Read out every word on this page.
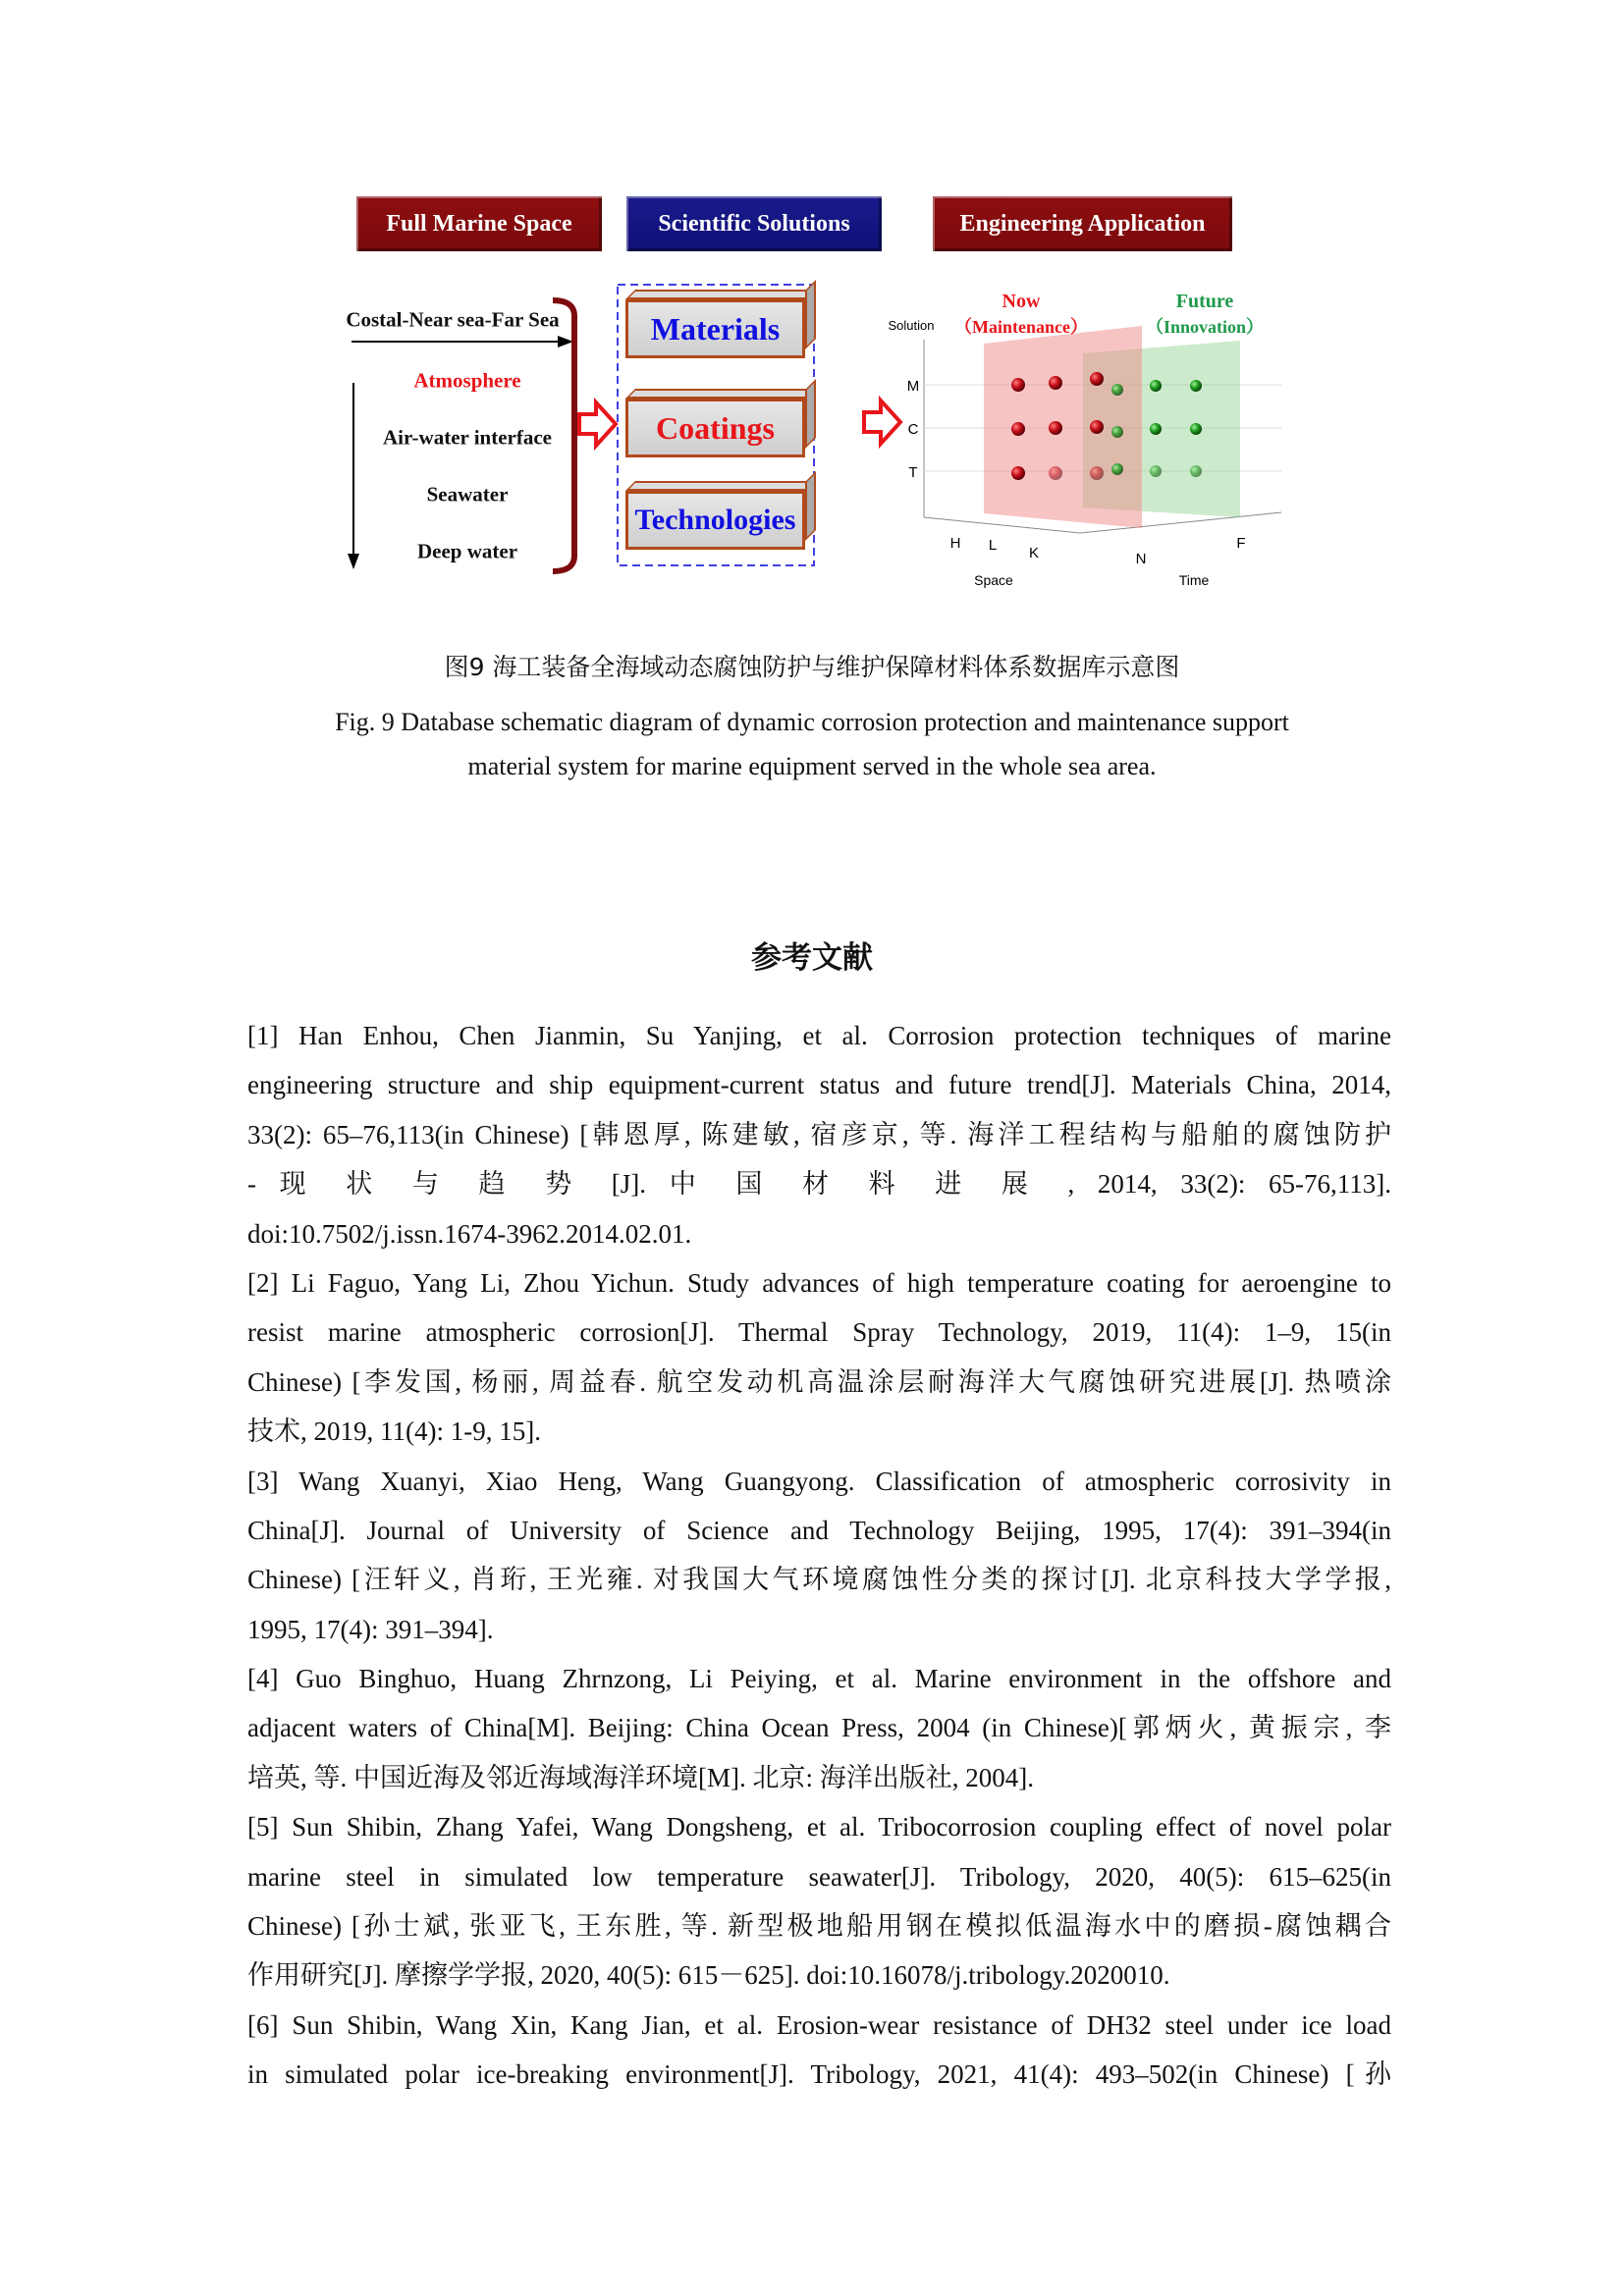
Full Marine Space	Scientific Solutions	Engineering Application
Costal-Near sea-Far Sea
Atmosphere
Air-water interface
Seawater
Deep water
Now
（Maintenance）
Future
（Innovation）
Solution
M
C
T
H L K	N
F
Space	Time
Materials
Coatings
Technologies
图9 海工装备全海域动态腐蚀防护与维护保障材料体系数据库示意图
Fig. 9 Database schematic diagram of dynamic corrosion protection and maintenance support
material system for marine equipment served in the whole sea area.
参考文献
[1] Han Enhou, Chen Jianmin, Su Yanjing, et al. Corrosion protection techniques of marine
engineering structure and ship equipment-current status and future trend[J]. Materials China, 2014,
33(2): 65–76,113(in Chinese) [韩恩厚, 陈建敏, 宿彦京, 等. 海洋工程结构与船舶的腐蚀防护
- 现 状 与 趋 势 [J]. 中 国 材 料 进 展 , 2014, 33(2): 65-76,113].
doi:10.7502/j.issn.1674-3962.2014.02.01.
[2] Li Faguo, Yang Li, Zhou Yichun. Study advances of high temperature coating for aeroengine to
resist marine atmospheric corrosion[J]. Thermal Spray Technology, 2019, 11(4): 1–9, 15(in
Chinese) [李发国, 杨丽, 周益春. 航空发动机高温涂层耐海洋大气腐蚀研究进展[J]. 热喷涂
技术, 2019, 11(4): 1-9, 15].
[3] Wang Xuanyi, Xiao Heng, Wang Guangyong. Classification of atmospheric corrosivity in
China[J]. Journal of University of Science and Technology Beijing, 1995, 17(4): 391–394(in
Chinese) [汪轩义, 肖珩, 王光雍. 对我国大气环境腐蚀性分类的探讨[J]. 北京科技大学学报,
1995, 17(4): 391–394].
[4] Guo Binghuo, Huang Zhrnzong, Li Peiying, et al. Marine environment in the offshore and
adjacent waters of China[M]. Beijing: China Ocean Press, 2004 (in Chinese)[郭炳火, 黄振宗, 李
培英, 等. 中国近海及邻近海域海洋环境[M]. 北京: 海洋出版社, 2004].
[5] Sun Shibin, Zhang Yafei, Wang Dongsheng, et al. Tribocorrosion coupling effect of novel polar
marine steel in simulated low temperature seawater[J]. Tribology, 2020, 40(5): 615–625(in
Chinese) [孙士斌, 张亚飞, 王东胜, 等. 新型极地船用钢在模拟低温海水中的磨损-腐蚀耦合
作用研究[J]. 摩擦学学报, 2020, 40(5): 615－625]. doi:10.16078/j.tribology.2020010.
[6] Sun Shibin, Wang Xin, Kang Jian, et al. Erosion-wear resistance of DH32 steel under ice load
in simulated polar ice-breaking environment[J]. Tribology, 2021, 41(4): 493–502(in Chinese) [孙
